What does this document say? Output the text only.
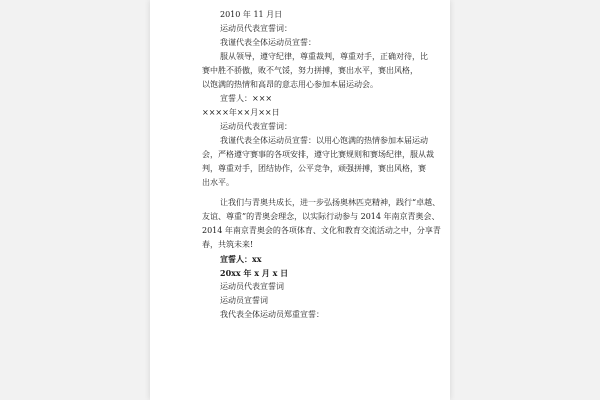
2010 年 11 月日
运动员代表宣誓词：
我谨代表全体运动员宣誓：
服从领导，遵守纪律，尊重裁判，尊重对手，正确对待，比
赛中胜不骄傲，败不气馁，努力拼搏，赛出水平，赛出风格，
以饱满的热情和高昂的意志用心参加本届运动会。
宣誓人：×××
××××年××月××日
运动员代表宣誓词：
我谨代表全体运动员宣誓：以用心饱满的热情参加本届运动
会，严格遵守赛事的各项安排，遵守比赛规则和赛场纪律，服从裁
判，尊重对手，团结协作，公平竞争，顽强拼搏，赛出风格，赛
出水平。
让我们与青奥共成长，进一步弘扬奥林匹克精神，践行“卓越、
友谊、尊重”的青奥会理念，以实际行动参与 2014 年南京青奥会、
2014 年南京青奥会的各项体育、文化和教育交流活动之中，分享青
春，共筑未来!
宣誓人：xx
20xx 年 x 月 x 日
运动员代表宣誓词
运动员宣誓词
我代表全体运动员郑重宣誓：
